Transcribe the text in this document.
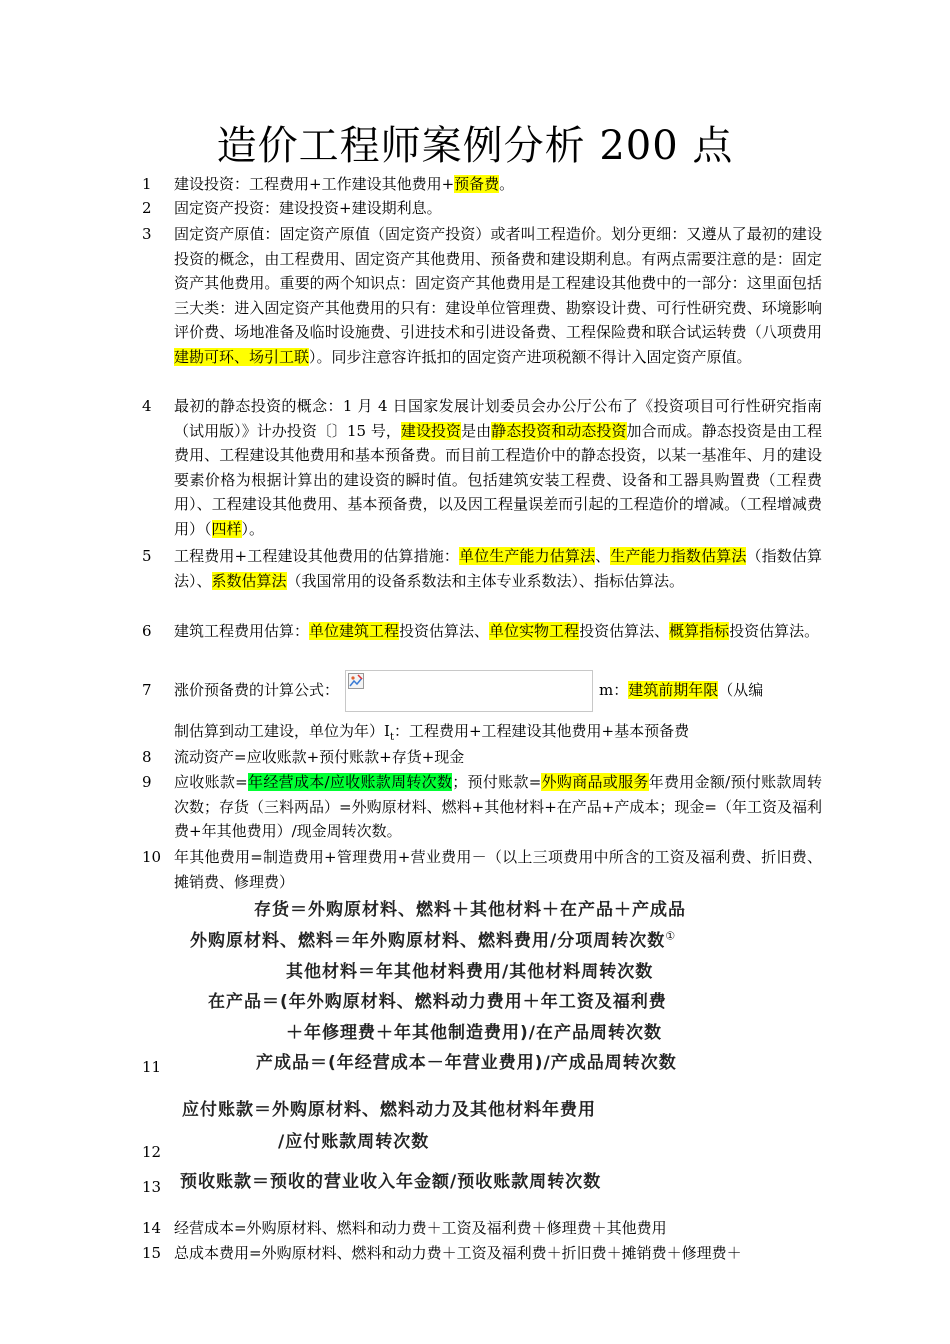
造价工程师案例分析 200 点
1	建设投资：工程费用+工作建设其他费用+预备费。
2	固定资产投资：建设投资+建设期利息。
3	固定资产原值：固定资产原值（固定资产投资）或者叫工程造价。划分更细：又遵从了最初的建设投资的概念，由工程费用、固定资产其他费用、预备费和建设期利息。有两点需要注意的是：固定资产其他费用。重要的两个知识点：固定资产其他费用是工程建设其他费中的一部分：这里面包括三大类：进入固定资产其他费用的只有：建设单位管理费、勘察设计费、可行性研究费、环境影响评价费、场地准备及临时设施费、引进技术和引进设备费、工程保险费和联合试运转费（八项费用 建勘可环、场引工联）。同步注意容许抵扣的固定资产进项税额不得计入固定资产原值。
4	最初的静态投资的概念：1 月 4 日国家发展计划委员会办公厅公布了《投资项目可行性研究指南（试用版）》计办投资〔〕15 号，建设投资是由静态投资和动态投资加合而成。静态投资是由工程费用、工程建设其他费用和基本预备费。而目前工程造价中的静态投资，以某一基准年、月的建设要素价格为根据计算出的建设资的瞬时值。包括建筑安装工程费、设备和工器具购置费（工程费用）、工程建设其他费用、基本预备费，以及因工程量误差而引起的工程造价的增减。（工程增减费用）（四样）。
5	工程费用+工程建设其他费用的估算措施：单位生产能力估算法、生产能力指数估算法（指数估算法）、系数估算法（我国常用的设备系数法和主体专业系数法）、指标估算法。
6	建筑工程费用估算：单位建筑工程投资估算法、单位实物工程投资估算法、概算指标投资估算法。
7	涨价预备费的计算公式：	m：建筑前期年限（从编
制估算到动工建设，单位为年）$I_t$：工程费用+工程建设其他费用+基本预备费
8	流动资产=应收账款+预付账款+存货+现金
9	应收账款=年经营成本/应收账款周转次数；预付账款=外购商品或服务年费用金额/预付账款周转次数；存货（三料两品）=外购原材料、燃料+其他材料+在产品+产成本；现金=（年工资及福利费+年其他费用）/现金周转次数。
10 年其他费用=制造费用+管理费用+营业费用－（以上三项费用中所含的工资及福利费、折旧费、摊销费、修理费）
存货＝外购原材料、燃料＋其他材料＋在产品＋产成品
外购原材料、燃料＝年外购原材料、燃料费用/分项周转次数①
其他材料＝年其他材料费用/其他材料周转次数
在产品＝(年外购原材料、燃料动力费用＋年工资及福利费
＋年修理费＋年其他制造费用)/在产品周转次数
产成品＝(年经营成本－年营业费用)/产成品周转次数
11
应付账款＝外购原材料、燃料动力及其他材料年费用
/应付账款周转次数
12
预收账款＝预收的营业收入年金额/预收账款周转次数
13
14 经营成本=外购原材料、燃料和动力费＋工资及福利费＋修理费＋其他费用
15 总成本费用=外购原材料、燃料和动力费＋工资及福利费＋折旧费＋摊销费＋修理费＋
